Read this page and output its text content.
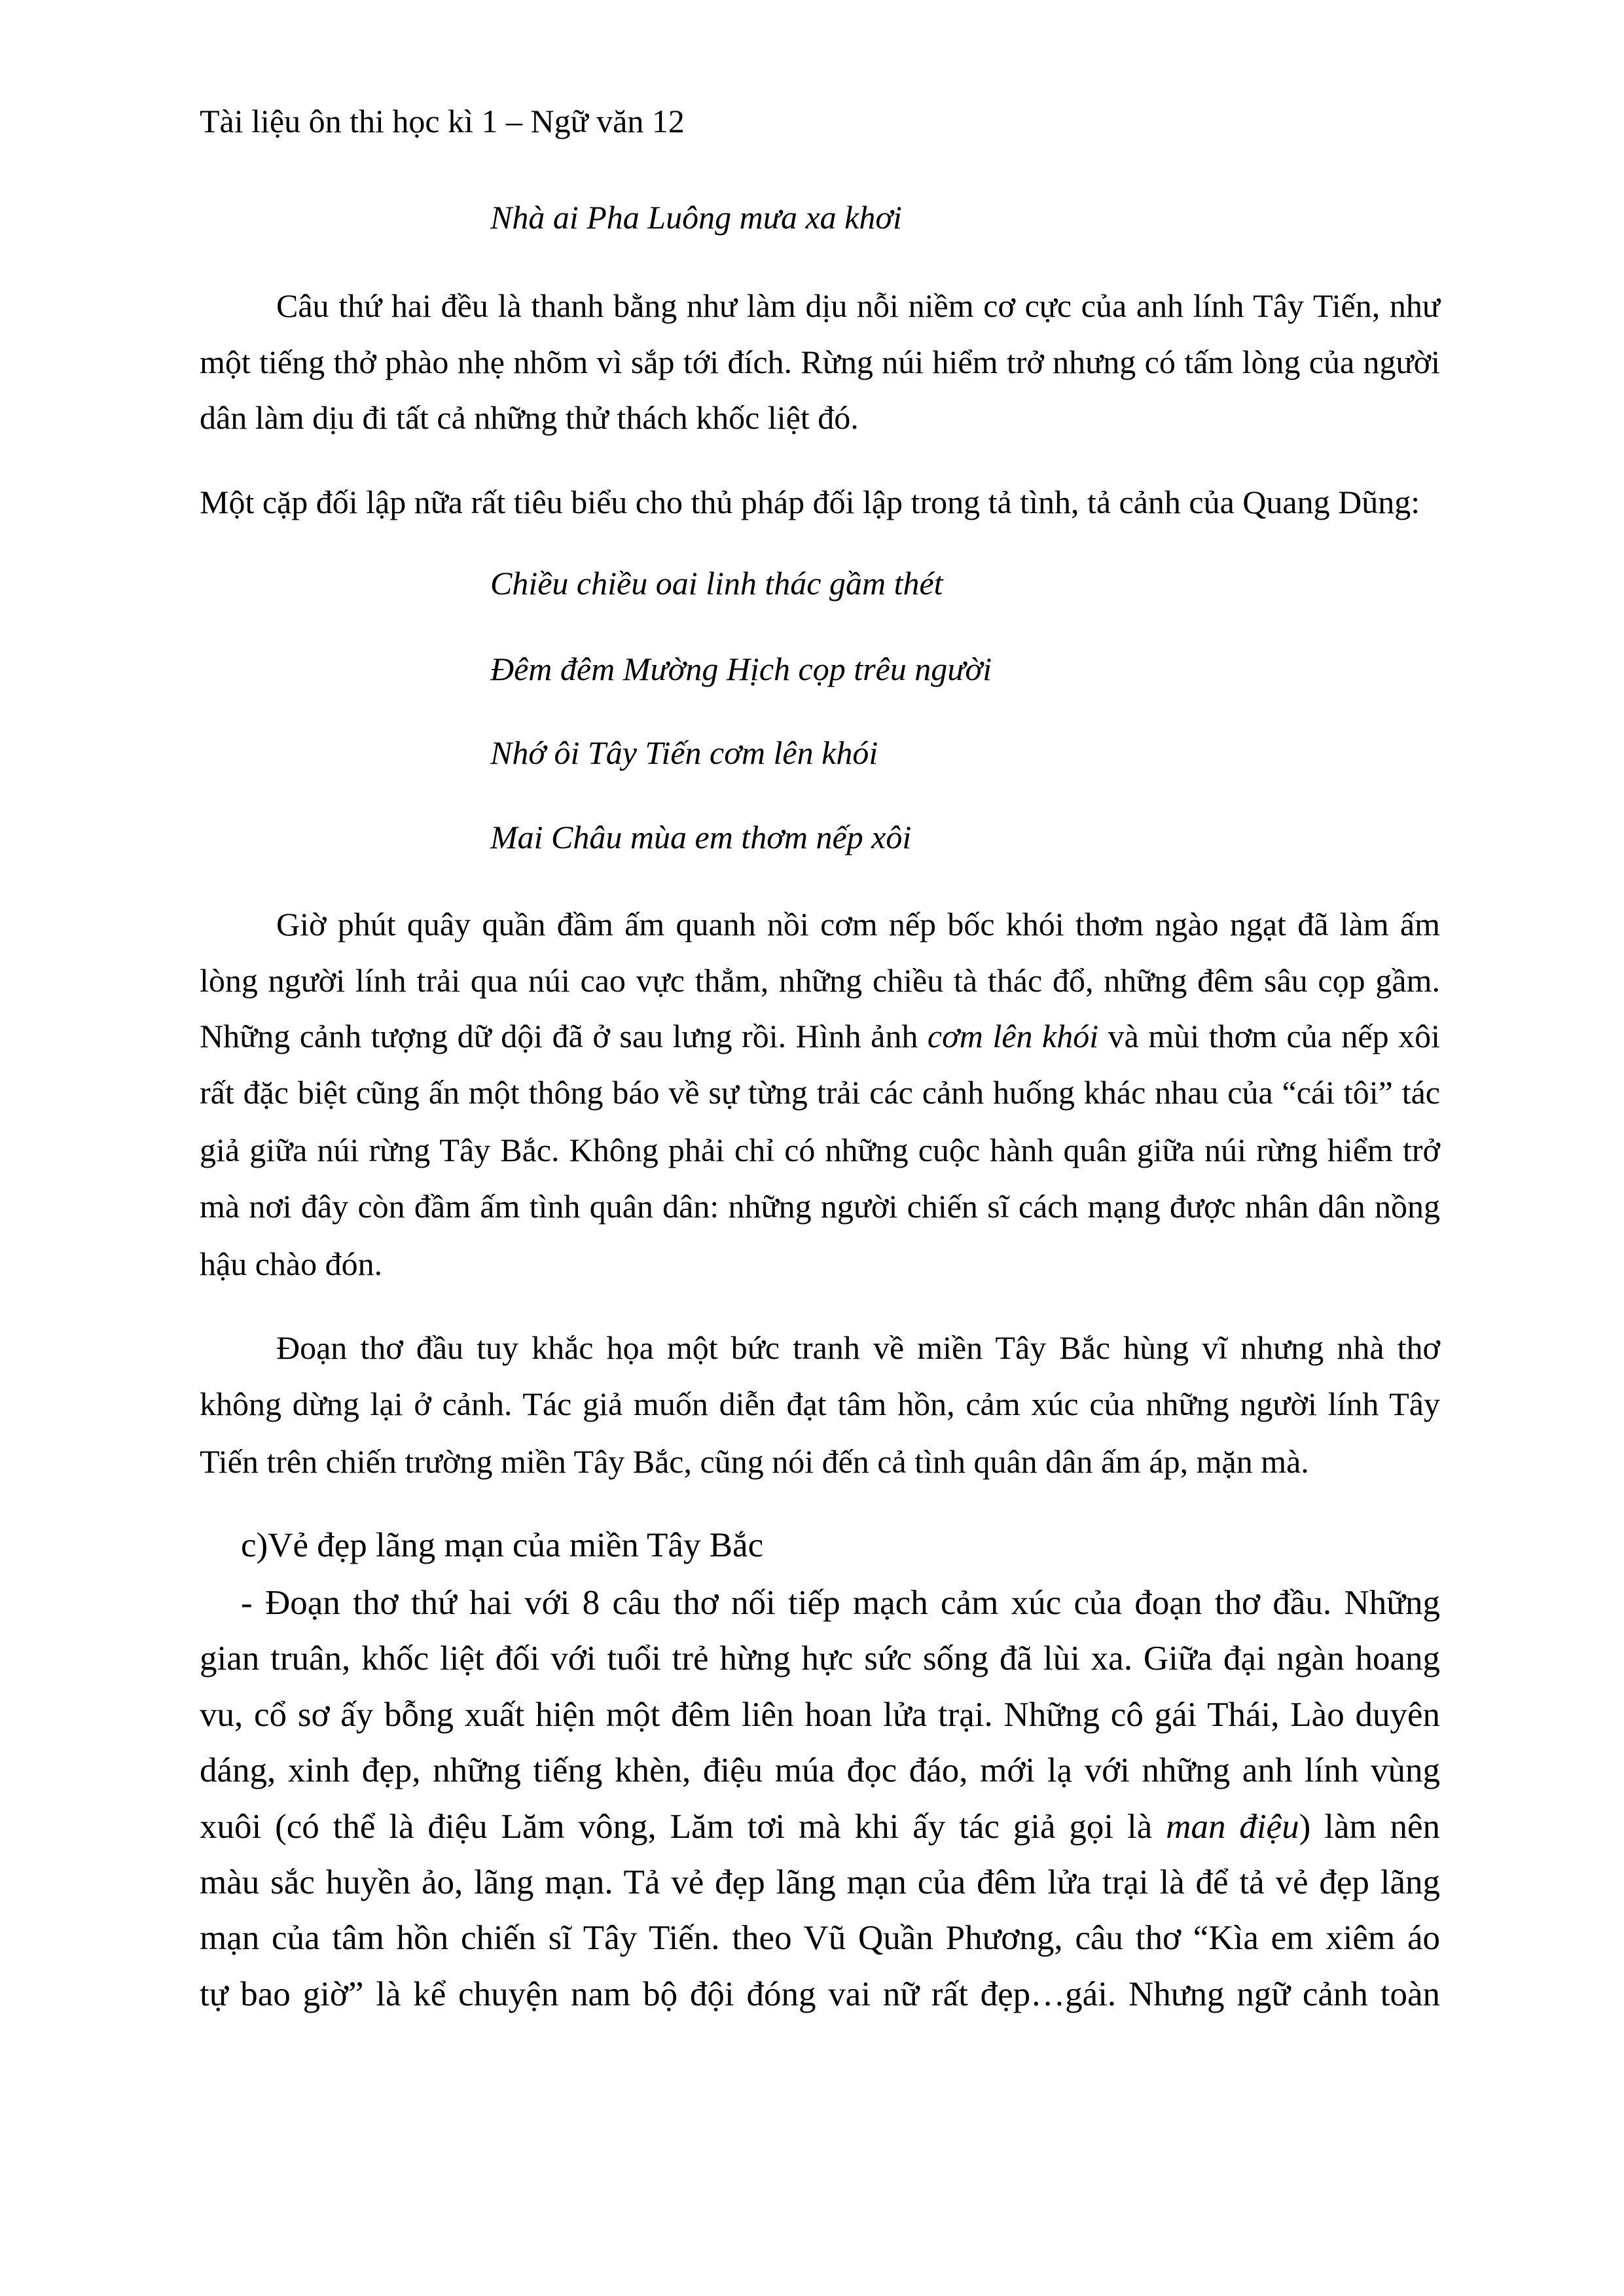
Tài liệu ôn thi học kì 1 – Ngữ văn 12
Nhà ai Pha Luông mưa xa khơi
Câu thứ hai đều là thanh bằng như làm dịu nỗi niềm cơ cực của anh lính Tây Tiến, như
một tiếng thở phào nhẹ nhõm vì sắp tới đích. Rừng núi hiểm trở nhưng có tấm lòng của người
dân làm dịu đi tất cả những thử thách khốc liệt đó.
Một cặp đối lập nữa rất tiêu biểu cho thủ pháp đối lập trong tả tình, tả cảnh của Quang Dũng:
Chiều chiều oai linh thác gầm thét
Đêm đêm Mường Hịch cọp trêu người
Nhớ ôi Tây Tiến cơm lên khói
Mai Châu mùa em thơm nếp xôi
Giờ phút quây quần đầm ấm quanh nồi cơm nếp bốc khói thơm ngào ngạt đã làm ấm
lòng người lính trải qua núi cao vực thẳm, những chiều tà thác đổ, những đêm sâu cọp gầm.
Những cảnh tượng dữ dội đã ở sau lưng rồi. Hình ảnh cơm lên khói và mùi thơm của nếp xôi
rất đặc biệt cũng ấn một thông báo về sự từng trải các cảnh huống khác nhau của “cái tôi” tác
giả giữa núi rừng Tây Bắc. Không phải chỉ có những cuộc hành quân giữa núi rừng hiểm trở
mà nơi đây còn đầm ấm tình quân dân: những người chiến sĩ cách mạng được nhân dân nồng
hậu chào đón.
Đoạn thơ đầu tuy khắc họa một bức tranh về miền Tây Bắc hùng vĩ nhưng nhà thơ
không dừng lại ở cảnh. Tác giả muốn diễn đạt tâm hồn, cảm xúc của những người lính Tây
Tiến trên chiến trường miền Tây Bắc, cũng nói đến cả tình quân dân ấm áp, mặn mà.
c)Vẻ đẹp lãng mạn của miền Tây Bắc
- Đoạn thơ thứ hai với 8 câu thơ nối tiếp mạch cảm xúc của đoạn thơ đầu. Những
gian truân, khốc liệt đối với tuổi trẻ hừng hực sức sống đã lùi xa. Giữa đại ngàn hoang
vu, cổ sơ ấy bỗng xuất hiện một đêm liên hoan lửa trại. Những cô gái Thái, Lào duyên
dáng, xinh đẹp, những tiếng khèn, điệu múa đọc đáo, mới lạ với những anh lính vùng
xuôi (có thể là điệu Lăm vông, Lăm tơi mà khi ấy tác giả gọi là man điệu) làm nên
màu sắc huyền ảo, lãng mạn. Tả vẻ đẹp lãng mạn của đêm lửa trại là để tả vẻ đẹp lãng
mạn của tâm hồn chiến sĩ Tây Tiến. theo Vũ Quần Phương, câu thơ “Kìa em xiêm áo
tự bao giờ” là kể chuyện nam bộ đội đóng vai nữ rất đẹp…gái. Nhưng ngữ cảnh toàn
